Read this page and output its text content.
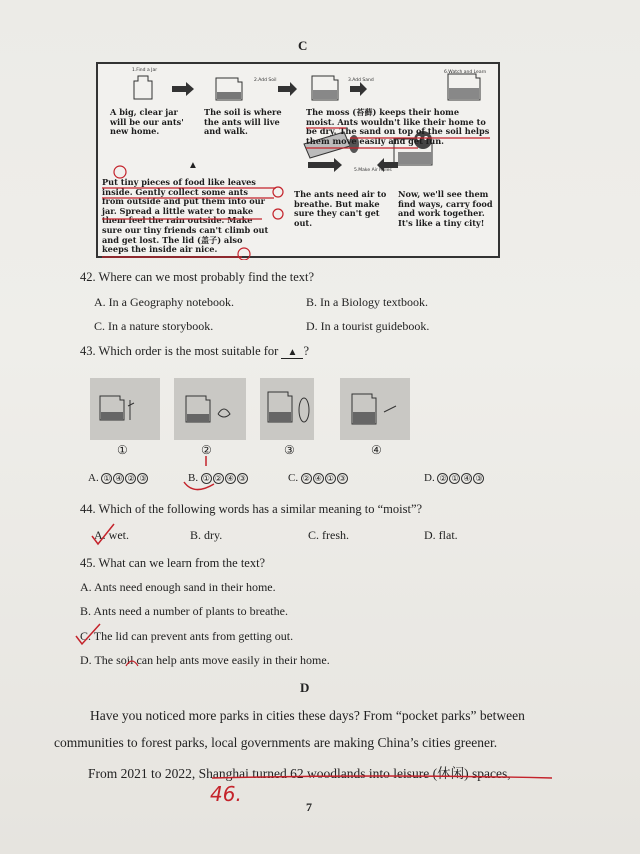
C
1.Find a Jar
2.Add Soil	3.Add Sand
5.Make Air Holes
6.Watch and Learn
A big, clear jar
will be our ants'
new home.
The soil is where
the ants will live
and walk.
The moss (苔藓) keeps their home
moist. Ants wouldn't like their home to
be dry. The sand on top of the soil helps
them move easily and get fun.
▲
Put tiny pieces of food like leaves
inside. Gently collect some ants
from outside and put them into our
jar. Spread a little water to make
them feel the rain outside. Make
sure our tiny friends can't climb out
and get lost. The lid (盖子) also
keeps the inside air nice.
The ants need air to
breathe. But make
sure they can't get
out.
Now, we'll see them
find ways, carry food
and work together.
It's like a tiny city!
42. Where can we most probably find the text?
A. In a Geography notebook.	B. In a Biology textbook.
C. In a nature storybook.	D. In a tourist guidebook.
43. Which order is the most suitable for ▲ ?
①	②	③	④
A. ① ④ ② ③	B. ① ② ④ ③	C. ② ④ ① ③	D. ② ① ④ ③
44. Which of the following words has a similar meaning to “moist”?
A. wet.	B. dry.	C. fresh.	D. flat.
45. What can we learn from the text?
A. Ants need enough sand in their home.
B. Ants need a number of plants to breathe.
C. The lid can prevent ants from getting out.
D. The soil can help ants move easily in their home.
D
Have you noticed more parks in cities these days? From “pocket parks” between
communities to forest parks, local governments are making China’s cities greener.
From 2021 to 2022, Shanghai turned 62 woodlands into leisure (休闲) spaces,
46.
7
